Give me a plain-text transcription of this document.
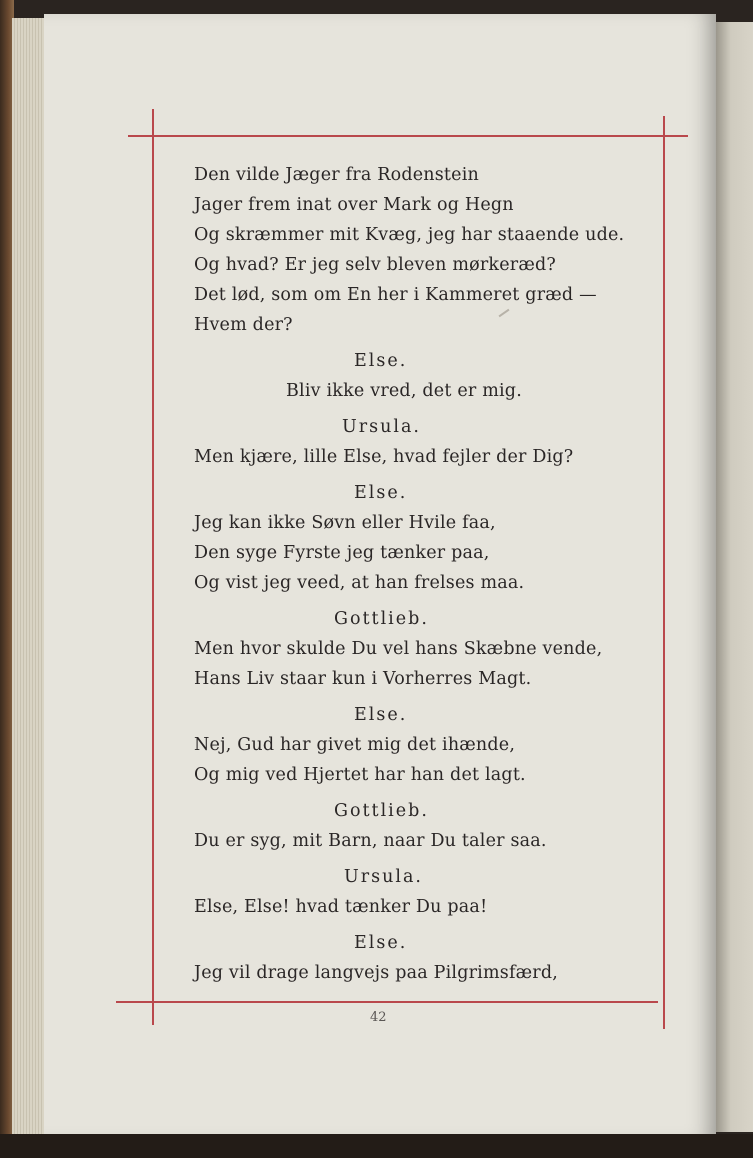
Den vilde Jæger fra Rodenstein
Jager frem inat over Mark og Hegn
Og skræmmer mit Kvæg, jeg har staaende ude.
Og hvad? Er jeg selv bleven mørkeræd?
Det lød, som om En her i Kammeret græd —
Hvem der?
Else.
Bliv ikke vred, det er mig.
Ursula.
Men kjære, lille Else, hvad fejler der Dig?
Else.
Jeg kan ikke Søvn eller Hvile faa,
Den syge Fyrste jeg tænker paa,
Og vist jeg veed, at han frelses maa.
Gottlieb.
Men hvor skulde Du vel hans Skæbne vende,
Hans Liv staar kun i Vorherres Magt.
Else.
Nej, Gud har givet mig det ihænde,
Og mig ved Hjertet har han det lagt.
Gottlieb.
Du er syg, mit Barn, naar Du taler saa.
Ursula.
Else, Else! hvad tænker Du paa!
Else.
Jeg vil drage langvejs paa Pilgrimsfærd,
42
